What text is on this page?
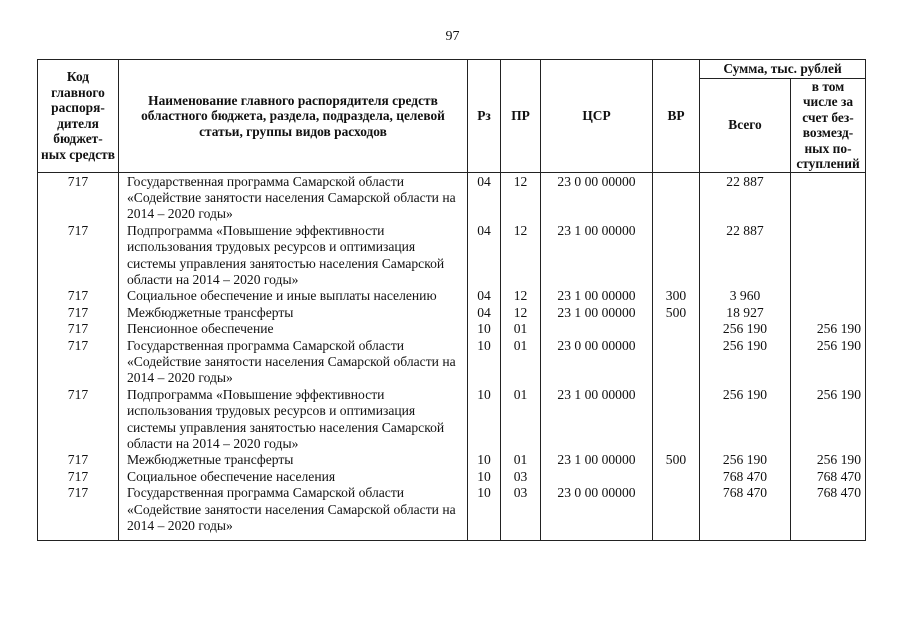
97
Код главного распоря-дителя бюджет-ных средств	Наименование главного распорядителя средств областного бюджета, раздела, подраздела, целевой статьи, группы видов расходов	Рз	ПР	ЦСР	ВР	Сумма, тыс. рублей	
						Всего	в том числе за счет без-возмезд-ных по-ступлений
717	Государственная программа Самарской области «Содействие занятости населения Самарской области на 2014 – 2020 годы»	04	12	23 0 00 00000		22 887	
717	Подпрограмма «Повышение эффективности использования трудовых ресурсов и оптимизация системы управления занятостью населения Самарской области на 2014 – 2020 годы»	04	12	23 1 00 00000		22 887	
717	Социальное обеспечение и иные выплаты населению	04	12	23 1 00 00000	300	3 960	
717	Межбюджетные трансферты	04	12	23 1 00 00000	500	18 927	
717	Пенсионное обеспечение	10	01			256 190	256 190
717	Государственная программа Самарской области «Содействие занятости населения Самарской области на 2014 – 2020 годы»	10	01	23 0 00 00000		256 190	256 190
717	Подпрограмма «Повышение эффективности использования трудовых ресурсов и оптимизация системы управления занятостью населения Самарской области на 2014 – 2020 годы»	10	01	23 1 00 00000		256 190	256 190
717	Межбюджетные трансферты	10	01	23 1 00 00000	500	256 190	256 190
717	Социальное обеспечение населения	10	03			768 470	768 470
717	Государственная программа Самарской области «Содействие занятости населения Самарской области на 2014 – 2020 годы»	10	03	23 0 00 00000		768 470	768 470
